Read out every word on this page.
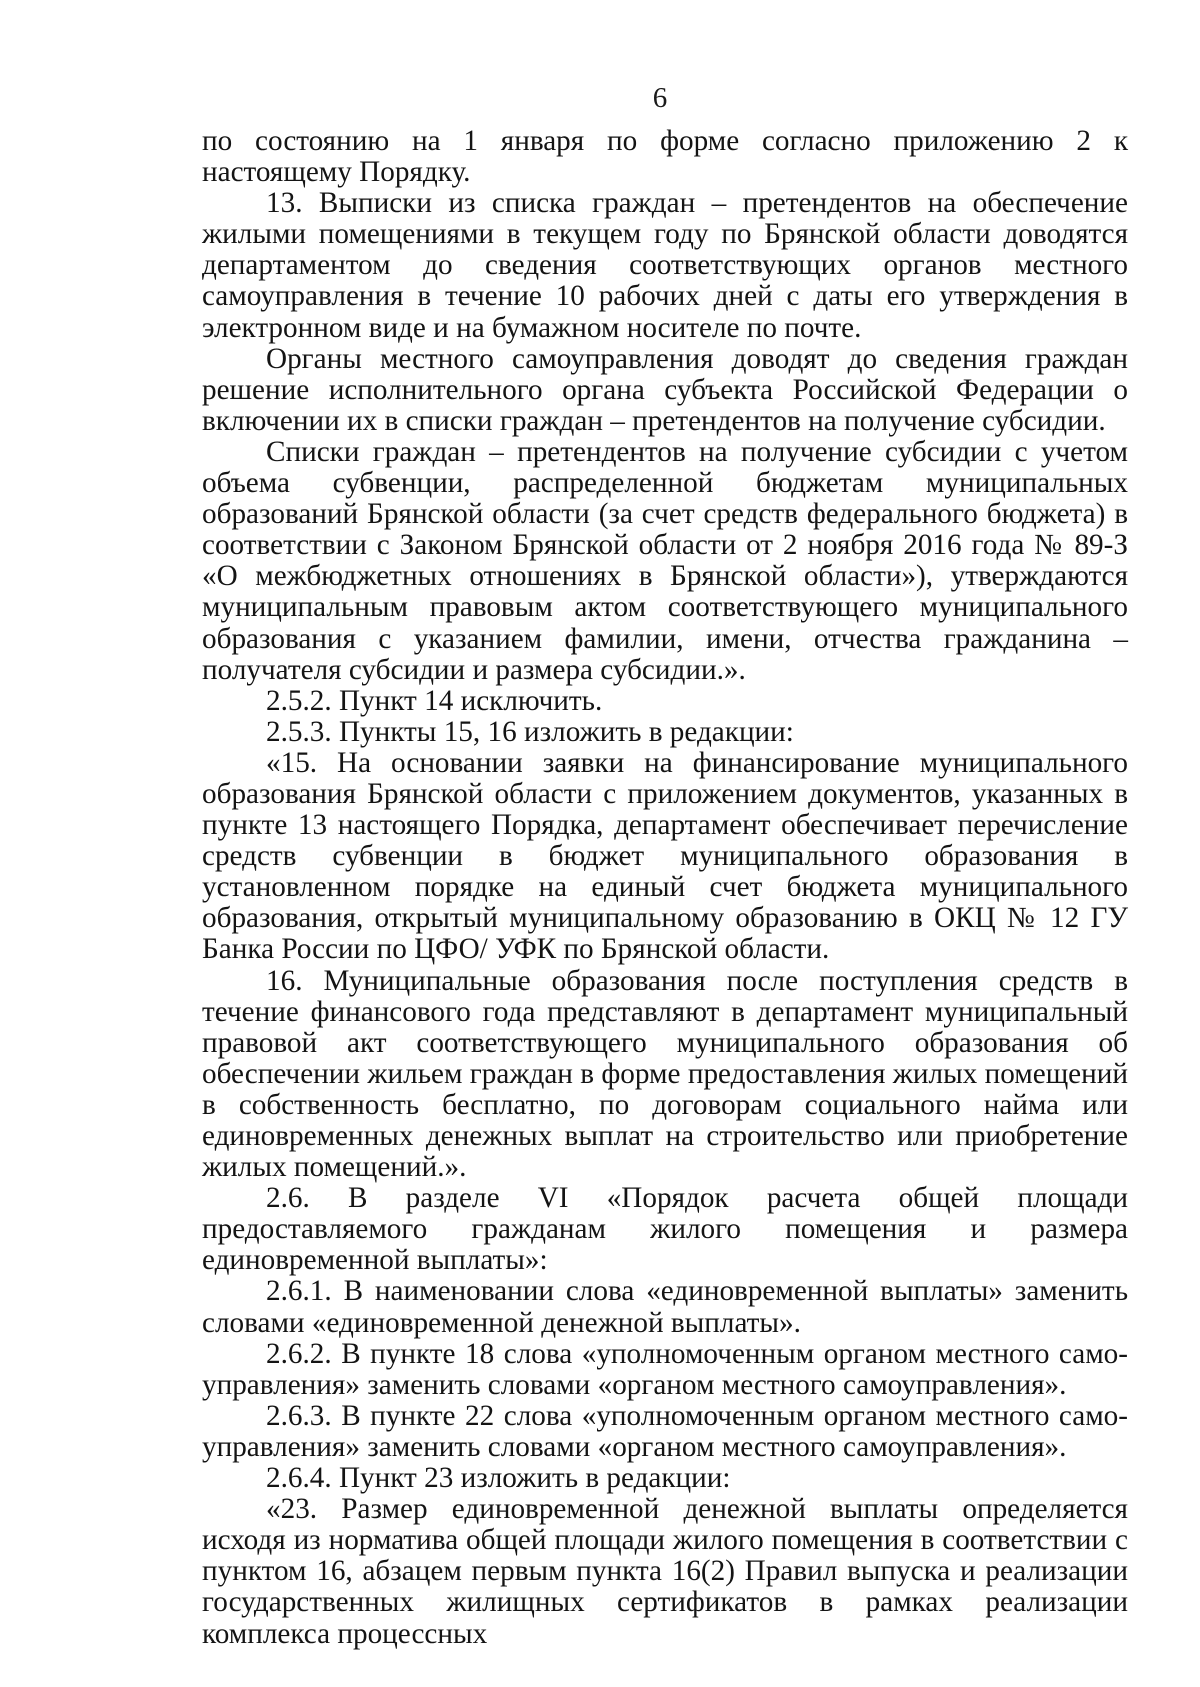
6

по состоянию на 1 января по форме согласно приложению 2 к настоящему Порядку.

13. Выписки из списка граждан – претендентов на обеспечение жилыми помещениями в текущем году по Брянской области доводятся департаментом до сведения соответствующих органов местного самоуправления в течение 10 рабочих дней с даты его утверждения в электронном виде и на бумажном носителе по почте.

Органы местного самоуправления доводят до сведения граждан решение исполнительного органа субъекта Российской Федерации о включении их в списки граждан – претендентов на получение субсидии.

Списки граждан – претендентов на получение субсидии с учетом объема субвенции, распределенной бюджетам муниципальных образований Брянской области (за счет средств федерального бюджета) в соответствии с Законом Брянской области от 2 ноября 2016 года № 89-З «О межбюджетных отношениях в Брянской области»), утверждаются муниципальным правовым актом соответствующего муниципального образования с указанием фамилии, имени, отчества гражданина – получателя субсидии и размера субсидии.».

2.5.2. Пункт 14 исключить.

2.5.3. Пункты 15, 16 изложить в редакции:

«15. На основании заявки на финансирование муниципального образования Брянской области с приложением документов, указанных в пункте 13 настоящего Порядка, департамент обеспечивает перечисление средств субвенции в бюджет муниципального образования в установленном порядке на единый счет бюджета муниципального образования, открытый муниципальному образованию в ОКЦ № 12 ГУ Банка России по ЦФО/ УФК по Брянской области.

16. Муниципальные образования после поступления средств в течение финансового года представляют в департамент муниципальный правовой акт соответствующего муниципального образования об обеспечении жильем граждан в форме предоставления жилых помещений в собственность бесплатно, по договорам социального найма или единовременных денежных выплат на строительство или приобретение жилых помещений.».

2.6. В разделе VI «Порядок расчета общей площади предоставляемого гражданам жилого помещения и размера единовременной выплаты»:

2.6.1. В наименовании слова «единовременной выплаты» заменить словами «единовременной денежной выплаты».

2.6.2. В пункте 18 слова «уполномоченным органом местного самоуправления» заменить словами «органом местного самоуправления».

2.6.3. В пункте 22 слова «уполномоченным органом местного самоуправления» заменить словами «органом местного самоуправления».

2.6.4. Пункт 23 изложить в редакции:

«23. Размер единовременной денежной выплаты определяется исходя из норматива общей площади жилого помещения в соответствии с пунктом 16, абзацем первым пункта 16(2) Правил выпуска и реализации государственных жилищных сертификатов в рамках реализации комплекса процессных
